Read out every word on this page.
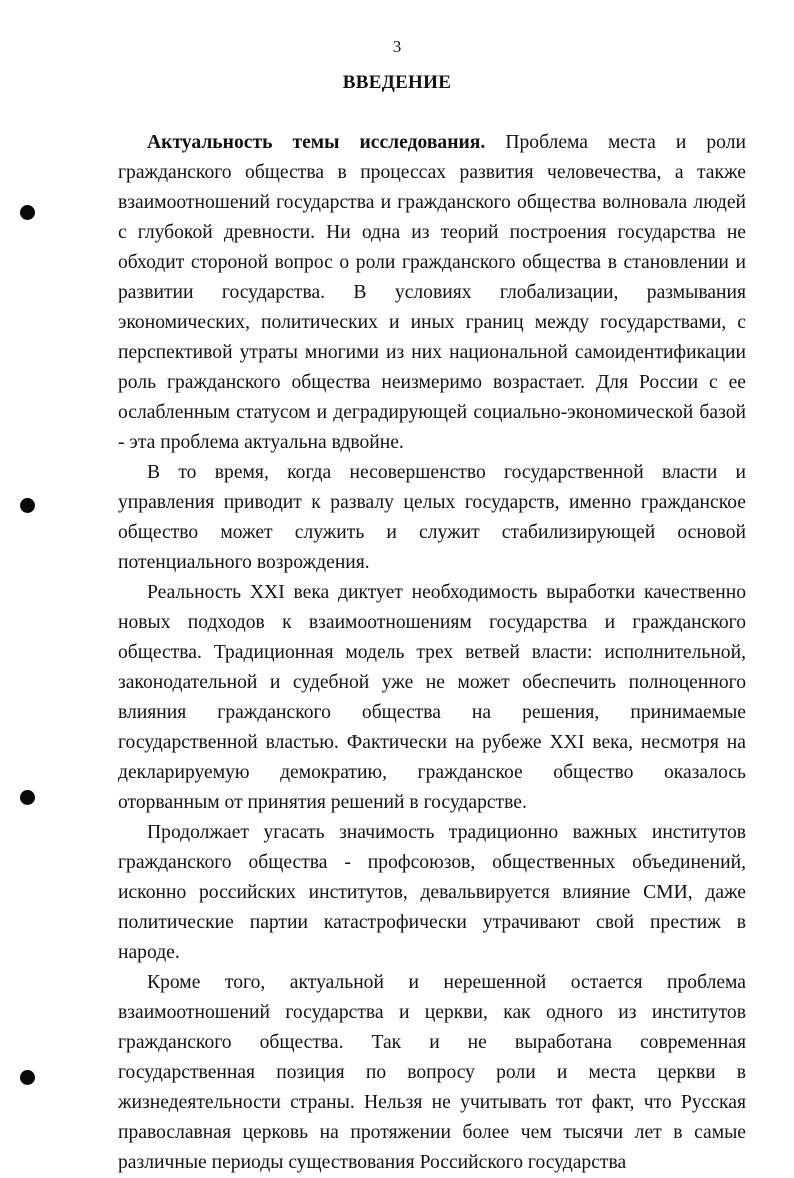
3
ВВЕДЕНИЕ

Актуальность темы исследования. Проблема места и роли гражданского общества в процессах развития человечества, а также взаимоотношений государства и гражданского общества волновала людей с глубокой древности. Ни одна из теорий построения государства не обходит стороной вопрос о роли гражданского общества в становлении и развитии государства. В условиях глобализации, размывания экономических, политических и иных границ между государствами, с перспективой утраты многими из них национальной самоидентификации роль гражданского общества неизмеримо возрастает. Для России с ее ослабленным статусом и деградирующей социально-экономической базой - эта проблема актуальна вдвойне.

В то время, когда несовершенство государственной власти и управления приводит к развалу целых государств, именно гражданское общество может служить и служит стабилизирующей основой потенциального возрождения.

Реальность XXI века диктует необходимость выработки качественно новых подходов к взаимоотношениям государства и гражданского общества. Традиционная модель трех ветвей власти: исполнительной, законодательной и судебной уже не может обеспечить полноценного влияния гражданского общества на решения, принимаемые государственной властью. Фактически на рубеже XXI века, несмотря на декларируемую демократию, гражданское общество оказалось оторванным от принятия решений в государстве.

Продолжает угасать значимость традиционно важных институтов гражданского общества - профсоюзов, общественных объединений, исконно российских институтов, девальвируется влияние СМИ, даже политические партии катастрофически утрачивают свой престиж в народе.

Кроме того, актуальной и нерешенной остается проблема взаимоотношений государства и церкви, как одного из институтов гражданского общества. Так и не выработана современная государственная позиция по вопросу роли и места церкви в жизнедеятельности страны. Нельзя не учитывать тот факт, что Русская православная церковь на протяжении более чем тысячи лет в самые различные периоды существования Российского государства
